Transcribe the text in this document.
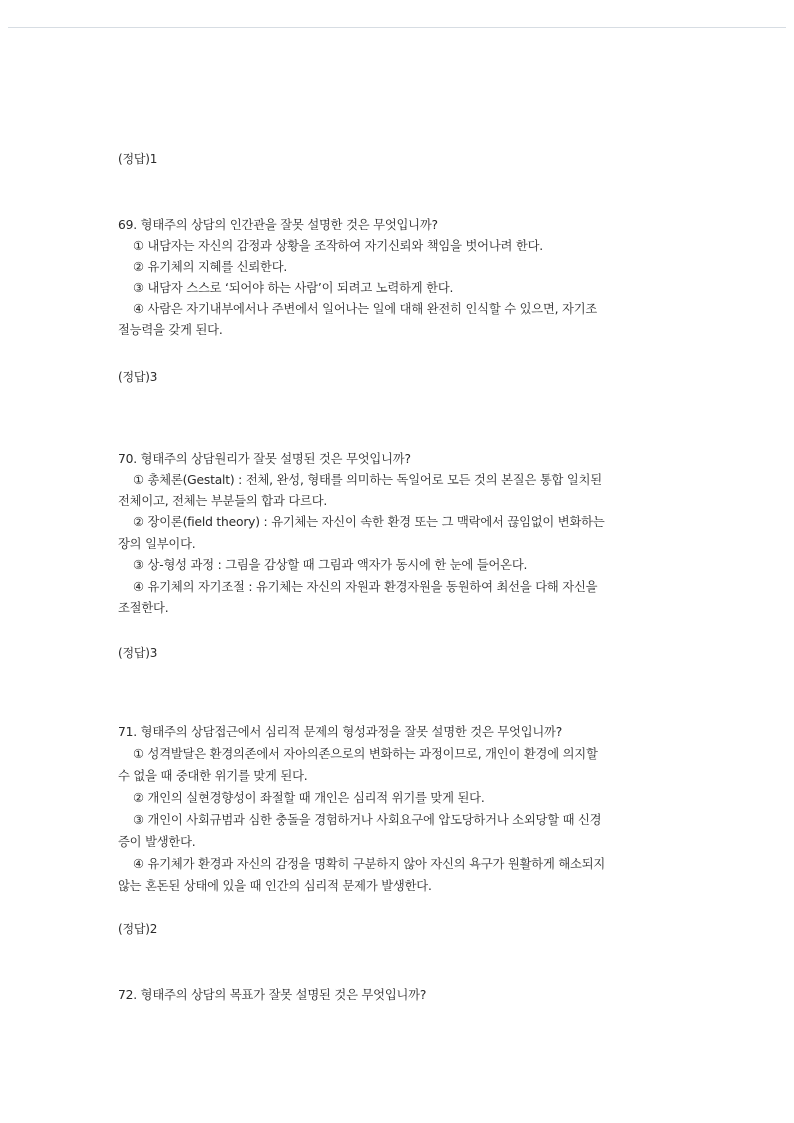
(정답)1
69. 형태주의 상담의 인간관을 잘못 설명한 것은 무엇입니까?
① 내담자는 자신의 감정과 상황을 조작하여 자기신뢰와 책임을 벗어나려 한다.
② 유기체의 지혜를 신뢰한다.
③ 내담자 스스로 ‘되어야 하는 사람’이 되려고 노력하게 한다.
④ 사람은 자기내부에서나 주변에서 일어나는 일에 대해 완전히 인식할 수 있으면, 자기조
절능력을 갖게 된다.
(정답)3
70. 형태주의 상담원리가 잘못 설명된 것은 무엇입니까?
① 총체론(Gestalt) : 전체, 완성, 형태를 의미하는 독일어로 모든 것의 본질은 통합 일치된
전체이고, 전체는 부분들의 합과 다르다.
② 장이론(field theory) : 유기체는 자신이 속한 환경 또는 그 맥락에서 끊임없이 변화하는
장의 일부이다.
③ 상-형성 과정 : 그림을 감상할 때 그림과 액자가 동시에 한 눈에 들어온다.
④ 유기체의 자기조절 : 유기체는 자신의 자원과 환경자원을 동원하여 최선을 다해 자신을
조절한다.
(정답)3
71. 형태주의 상담접근에서 심리적 문제의 형성과정을 잘못 설명한 것은 무엇입니까?
① 성격발달은 환경의존에서 자아의존으로의 변화하는 과정이므로, 개인이 환경에 의지할
수 없을 때 중대한 위기를 맞게 된다.
② 개인의 실현경향성이 좌절할 때 개인은 심리적 위기를 맞게 된다.
③ 개인이 사회규범과 심한 충돌을 경험하거나 사회요구에 압도당하거나 소외당할 때 신경
증이 발생한다.
④ 유기체가 환경과 자신의 감정을 명확히 구분하지 않아 자신의 욕구가 원활하게 해소되지
않는 혼돈된 상태에 있을 때 인간의 심리적 문제가 발생한다.
(정답)2
72. 형태주의 상담의 목표가 잘못 설명된 것은 무엇입니까?
